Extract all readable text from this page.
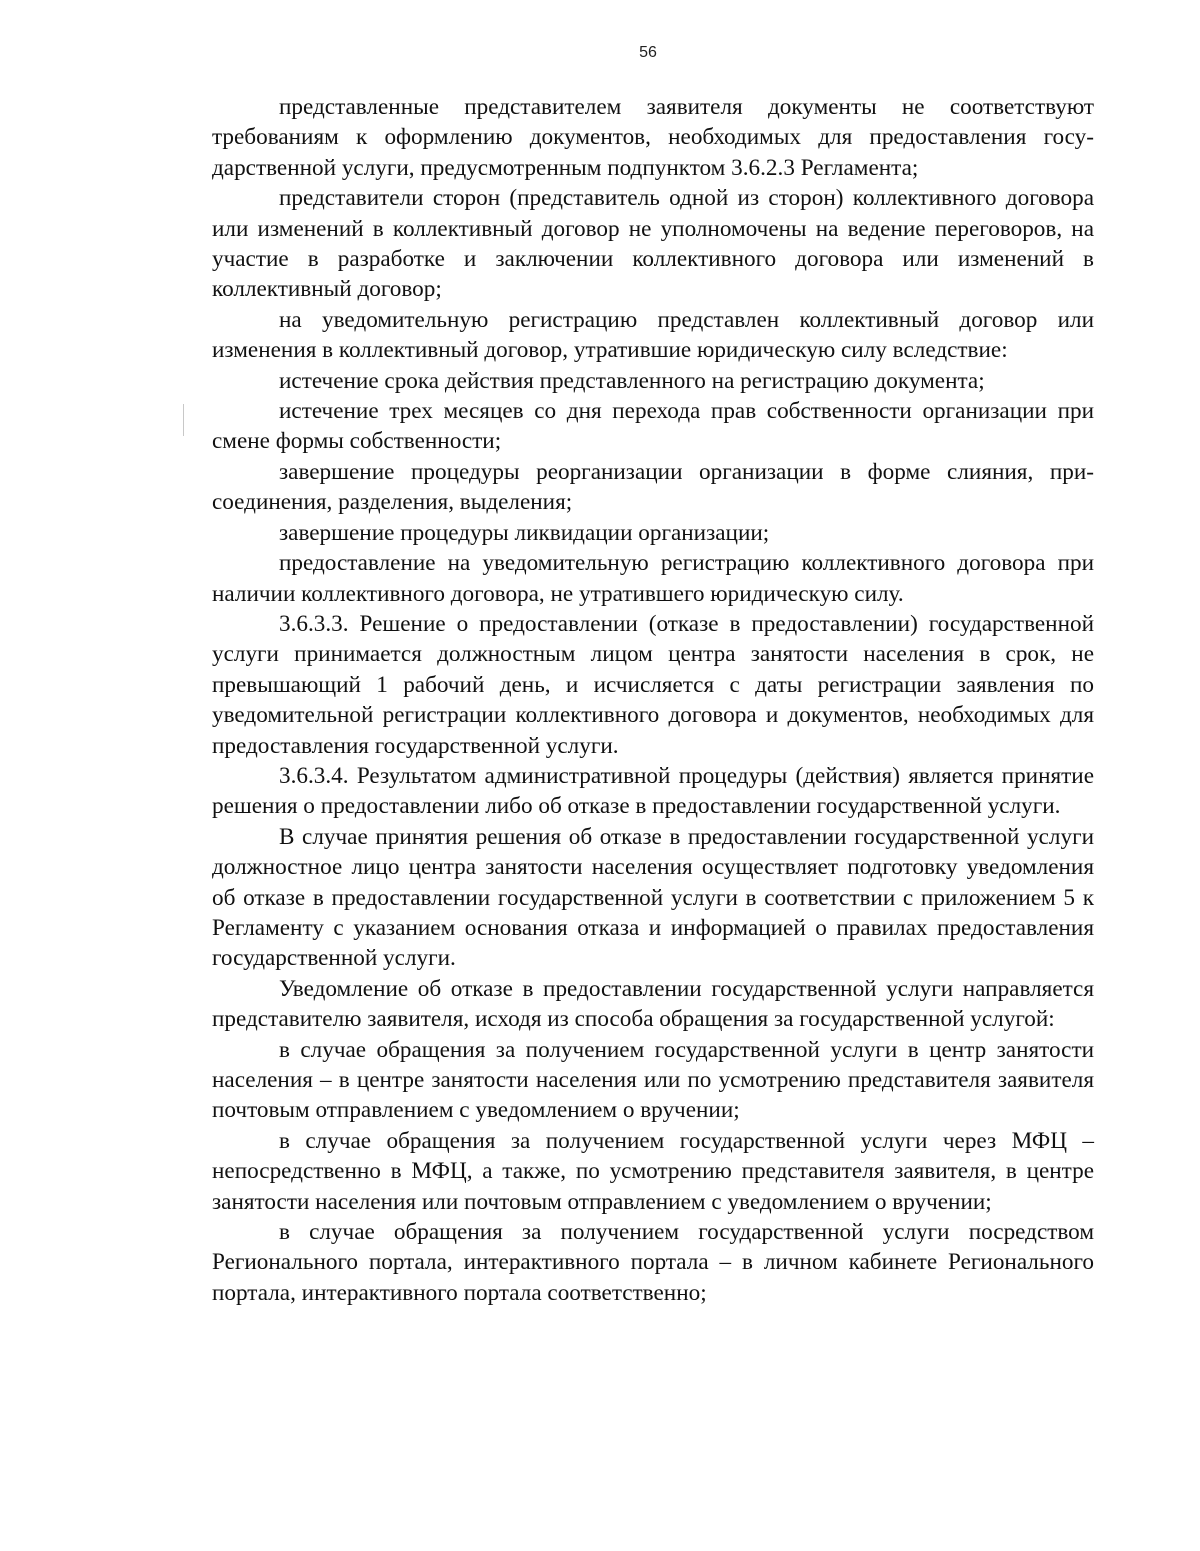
56

представленные представителем заявителя документы не соответствуют требованиям к оформлению документов, необходимых для предоставления государственной услуги, предусмотренным подпунктом 3.6.2.3 Регламента;

представители сторон (представитель одной из сторон) коллективного договора или изменений в коллективный договор не уполномочены на ведение переговоров, на участие в разработке и заключении коллективного договора или изменений в коллективный договор;

на уведомительную регистрацию представлен коллективный договор или изменения в коллективный договор, утратившие юридическую силу вследствие:

истечение срока действия представленного на регистрацию документа;

истечение трех месяцев со дня перехода прав собственности организации при смене формы собственности;

завершение процедуры реорганизации организации в форме слияния, присоединения, разделения, выделения;

завершение процедуры ликвидации организации;

предоставление на уведомительную регистрацию коллективного договора при наличии коллективного договора, не утратившего юридическую силу.

3.6.3.3. Решение о предоставлении (отказе в предоставлении) государственной услуги принимается должностным лицом центра занятости населения в срок, не превышающий 1 рабочий день, и исчисляется с даты регистрации заявления по уведомительной регистрации коллективного договора и документов, необходимых для предоставления государственной услуги.

3.6.3.4. Результатом административной процедуры (действия) является принятие решения о предоставлении либо об отказе в предоставлении государственной услуги.

В случае принятия решения об отказе в предоставлении государственной услуги должностное лицо центра занятости населения осуществляет подготовку уведомления об отказе в предоставлении государственной услуги в соответствии с приложением 5 к Регламенту с указанием основания отказа и информацией о правилах предоставления государственной услуги.

Уведомление об отказе в предоставлении государственной услуги направляется представителю заявителя, исходя из способа обращения за государственной услугой:

в случае обращения за получением государственной услуги в центр занятости населения – в центре занятости населения или по усмотрению представителя заявителя почтовым отправлением с уведомлением о вручении;

в случае обращения за получением государственной услуги через МФЦ – непосредственно в МФЦ, а также, по усмотрению представителя заявителя, в центре занятости населения или почтовым отправлением с уведомлением о вручении;

в случае обращения за получением государственной услуги посредством Регионального портала, интерактивного портала – в личном кабинете Регионального портала, интерактивного портала соответственно;
